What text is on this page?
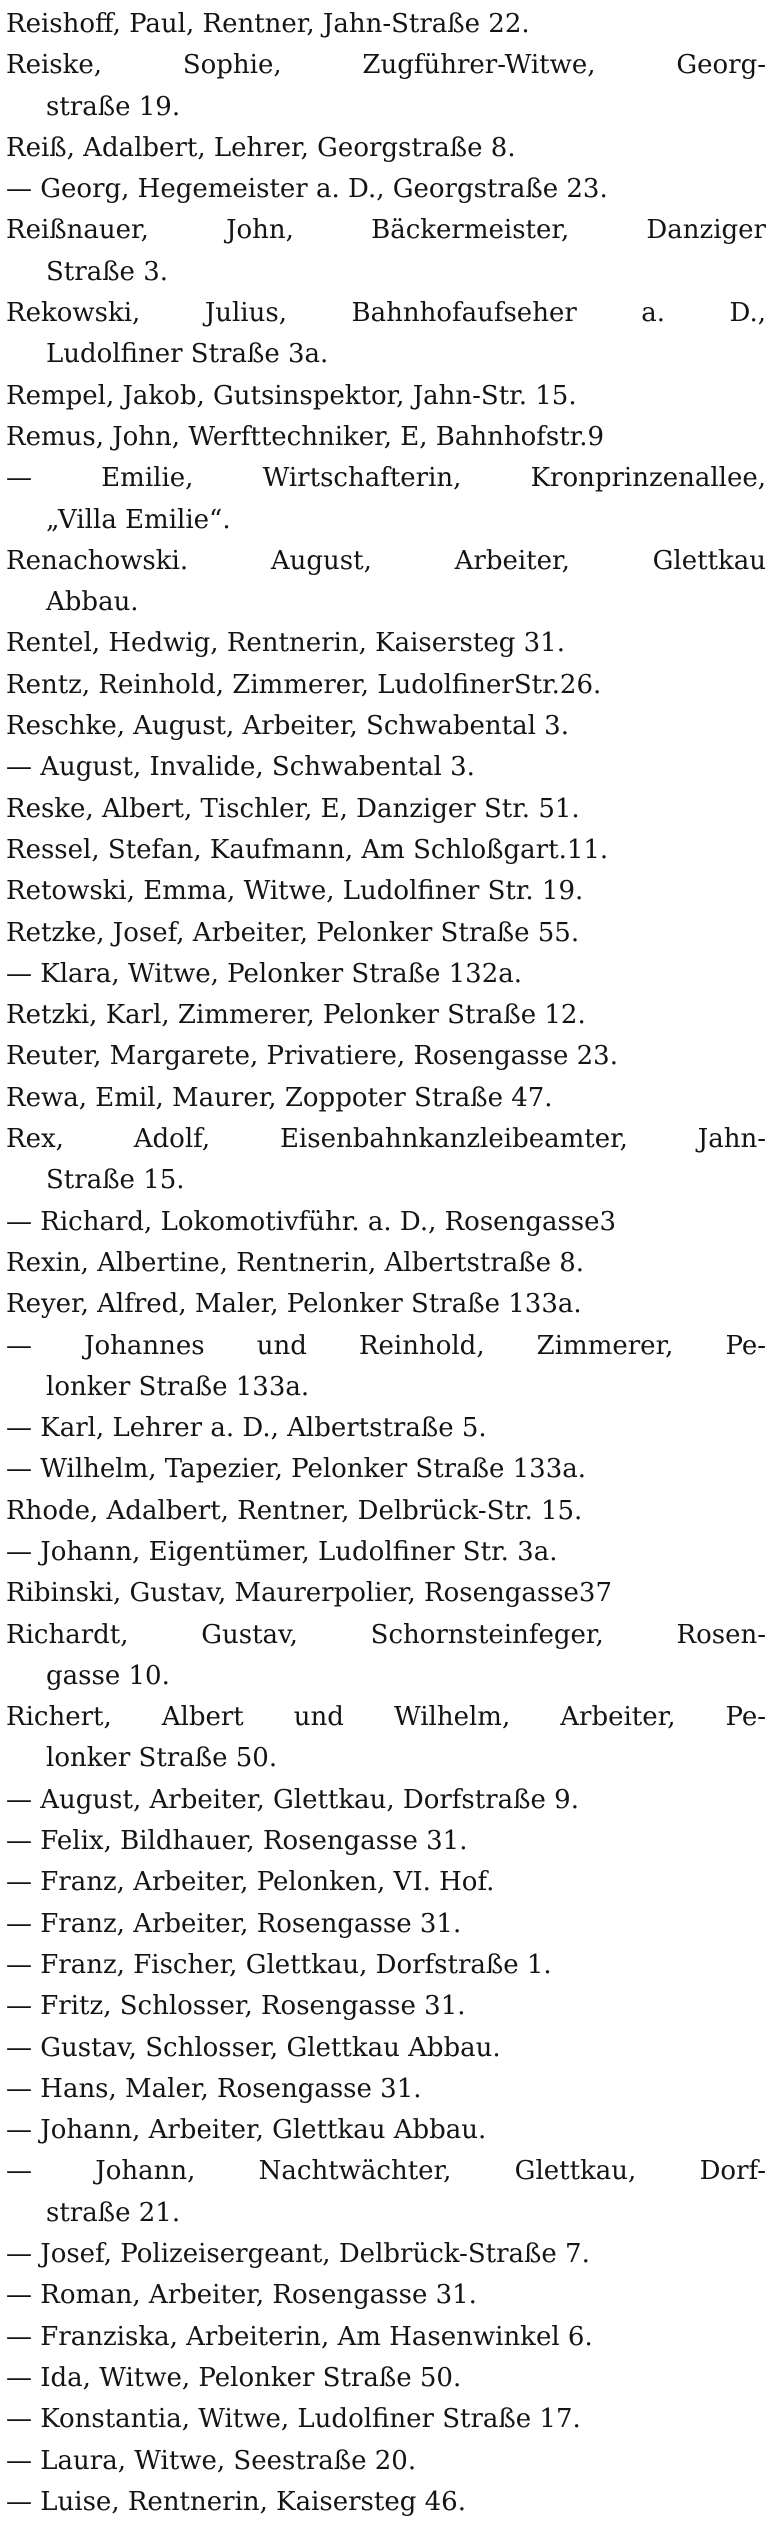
Reishoff, Paul, Rentner, Jahn-Straße 22.
Reiske, Sophie, Zugführer-Witwe, Georg-
straße 19.
Reiß, Adalbert, Lehrer, Georgstraße 8.
— Georg, Hegemeister a. D., Georgstraße 23.
Reißnauer, John, Bäckermeister, Danziger
Straße 3.
Rekowski, Julius, Bahnhofaufseher a. D.,
Ludolfiner Straße 3a.
Rempel, Jakob, Gutsinspektor, Jahn-Str. 15.
Remus, John, Werfttechniker, E, Bahnhofstr.9
— Emilie, Wirtschafterin, Kronprinzenallee,
„Villa Emilie“.
Renachowski. August, Arbeiter, Glettkau
Abbau.
Rentel, Hedwig, Rentnerin, Kaisersteg 31.
Rentz, Reinhold, Zimmerer, LudolfinerStr.26.
Reschke, August, Arbeiter, Schwabental 3.
— August, Invalide, Schwabental 3.
Reske, Albert, Tischler, E, Danziger Str. 51.
Ressel, Stefan, Kaufmann, Am Schloßgart.11.
Retowski, Emma, Witwe, Ludolfiner Str. 19.
Retzke, Josef, Arbeiter, Pelonker Straße 55.
— Klara, Witwe, Pelonker Straße 132a.
Retzki, Karl, Zimmerer, Pelonker Straße 12.
Reuter, Margarete, Privatiere, Rosengasse 23.
Rewa, Emil, Maurer, Zoppoter Straße 47.
Rex, Adolf, Eisenbahnkanzleibeamter, Jahn-
Straße 15.
— Richard, Lokomotivführ. a. D., Rosengasse3
Rexin, Albertine, Rentnerin, Albertstraße 8.
Reyer, Alfred, Maler, Pelonker Straße 133a.
— Johannes und Reinhold, Zimmerer, Pe-
lonker Straße 133a.
— Karl, Lehrer a. D., Albertstraße 5.
— Wilhelm, Tapezier, Pelonker Straße 133a.
Rhode, Adalbert, Rentner, Delbrück-Str. 15.
— Johann, Eigentümer, Ludolfiner Str. 3a.
Ribinski, Gustav, Maurerpolier, Rosengasse37
Richardt, Gustav, Schornsteinfeger, Rosen-
gasse 10.
Richert, Albert und Wilhelm, Arbeiter, Pe-
lonker Straße 50.
— August, Arbeiter, Glettkau, Dorfstraße 9.
— Felix, Bildhauer, Rosengasse 31.
— Franz, Arbeiter, Pelonken, VI. Hof.
— Franz, Arbeiter, Rosengasse 31.
— Franz, Fischer, Glettkau, Dorfstraße 1.
— Fritz, Schlosser, Rosengasse 31.
— Gustav, Schlosser, Glettkau Abbau.
— Hans, Maler, Rosengasse 31.
— Johann, Arbeiter, Glettkau Abbau.
— Johann, Nachtwächter, Glettkau, Dorf-
straße 21.
— Josef, Polizeisergeant, Delbrück-Straße 7.
— Roman, Arbeiter, Rosengasse 31.
— Franziska, Arbeiterin, Am Hasenwinkel 6.
— Ida, Witwe, Pelonker Straße 50.
— Konstantia, Witwe, Ludolfiner Straße 17.
— Laura, Witwe, Seestraße 20.
— Luise, Rentnerin, Kaisersteg 46.
